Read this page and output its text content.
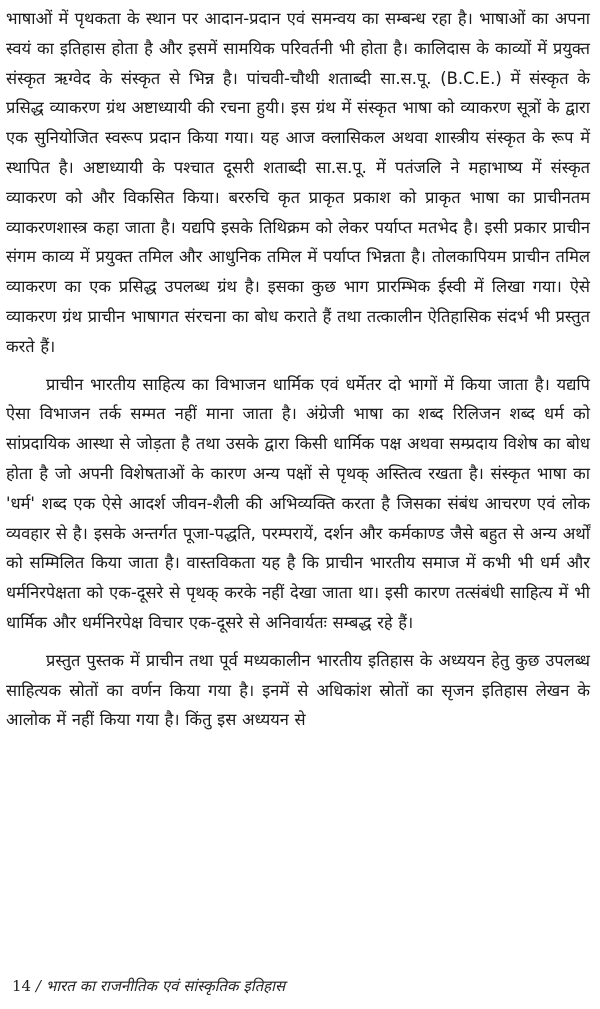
भाषाओं में पृथकता के स्थान पर आदान-प्रदान एवं समन्वय का सम्बन्ध रहा है। भाषाओं का अपना स्वयं का इतिहास होता है और इसमें सामयिक परिवर्तनी भी होता है। कालिदास के काव्यों में प्रयुक्त संस्कृत ऋग्वेद के संस्कृत से भिन्न है। पांचवी-चौथी शताब्दी सा.स.पू. (B.C.E.) में संस्कृत के प्रसिद्ध व्याकरण ग्रंथ अष्टाध्यायी की रचना हुयी। इस ग्रंथ में संस्कृत भाषा को व्याकरण सूत्रों के द्वारा एक सुनियोजित स्वरूप प्रदान किया गया। यह आज क्लासिकल अथवा शास्त्रीय संस्कृत के रूप में स्थापित है। अष्टाध्यायी के पश्चात दूसरी शताब्दी सा.स.पू. में पतंजलि ने महाभाष्य में संस्कृत व्याकरण को और विकसित किया। बररुचि कृत प्राकृत प्रकाश को प्राकृत भाषा का प्राचीनतम व्याकरणशास्त्र कहा जाता है। यद्यपि इसके तिथिक्रम को लेकर पर्याप्त मतभेद है। इसी प्रकार प्राचीन संगम काव्य में प्रयुक्त तमिल और आधुनिक तमिल में पर्याप्त भिन्नता है। तोलकापियम प्राचीन तमिल व्याकरण का एक प्रसिद्ध उपलब्ध ग्रंथ है। इसका कुछ भाग प्रारम्भिक ईस्वी में लिखा गया। ऐसे व्याकरण ग्रंथ प्राचीन भाषागत संरचना का बोध कराते हैं तथा तत्कालीन ऐतिहासिक संदर्भ भी प्रस्तुत करते हैं।

प्राचीन भारतीय साहित्य का विभाजन धार्मिक एवं धर्मेतर दो भागों में किया जाता है। यद्यपि ऐसा विभाजन तर्क सम्मत नहीं माना जाता है। अंग्रेजी भाषा का शब्द रिलिजन शब्द धर्म को सांप्रदायिक आस्था से जोड़ता है तथा उसके द्वारा किसी धार्मिक पक्ष अथवा सम्प्रदाय विशेष का बोध होता है जो अपनी विशेषताओं के कारण अन्य पक्षों से पृथक् अस्तित्व रखता है। संस्कृत भाषा का 'धर्म' शब्द एक ऐसे आदर्श जीवन-शैली की अभिव्यक्ति करता है जिसका संबंध आचरण एवं लोक व्यवहार से है। इसके अन्तर्गत पूजा-पद्धति, परम्परायें, दर्शन और कर्मकाण्ड जैसे बहुत से अन्य अर्थों को सम्मिलित किया जाता है। वास्तविकता यह है कि प्राचीन भारतीय समाज में कभी भी धर्म और धर्मनिरपेक्षता को एक-दूसरे से पृथक् करके नहीं देखा जाता था। इसी कारण तत्संबंधी साहित्य में भी धार्मिक और धर्मनिरपेक्ष विचार एक-दूसरे से अनिवार्यतः सम्बद्ध रहे हैं।

प्रस्तुत पुस्तक में प्राचीन तथा पूर्व मध्यकालीन भारतीय इतिहास के अध्ययन हेतु कुछ उपलब्ध साहित्यक स्रोतों का वर्णन किया गया है। इनमें से अधिकांश स्रोतों का सृजन इतिहास लेखन के आलोक में नहीं किया गया है। किंतु इस अध्ययन से

14 / भारत का राजनीतिक एवं सांस्कृतिक इतिहास
